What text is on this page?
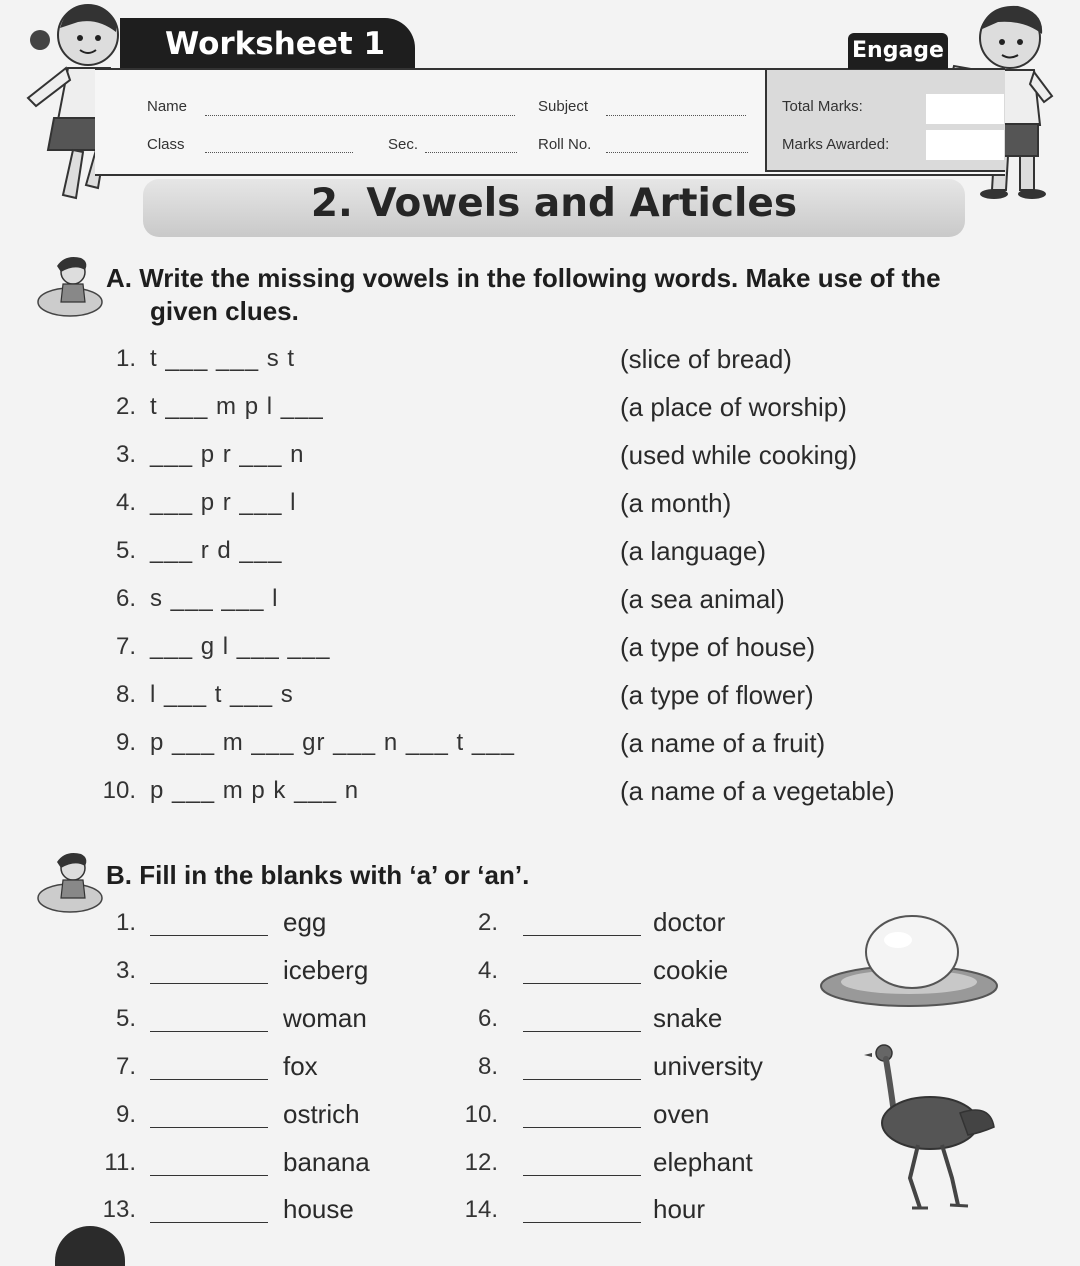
Worksheet 1	Engage
Name	Subject	Total Marks:
Class	Sec.	Roll No.	Marks Awarded:
2. Vowels and Articles
A. Write the missing vowels in the following words. Make use of the
given clues.
1. t ___ ___ s t	(slice of bread)
2. t ___ m p l ___	(a place of worship)
3. ___ p r ___ n	(used while cooking)
4. ___ p r ___ l	(a month)
5. ___ r d ___	(a language)
6. s ___ ___ l	(a sea animal)
7. ___ g l ___ ___	(a type of house)
8. l ___ t ___ s	(a type of flower)
9. p ___ m ___ gr ___ n ___ t ___	(a name of a fruit)
10. p ___ m p k ___ n	(a name of a vegetable)
B. Fill in the blanks with ‘a’ or ‘an’.
1.	egg	2.	doctor
3.	iceberg	4.	cookie
5.	woman	6.	snake
7.	fox	8.	university
9.	ostrich	10.	oven
11.	banana	12.	elephant
13.	house	14.	hour
